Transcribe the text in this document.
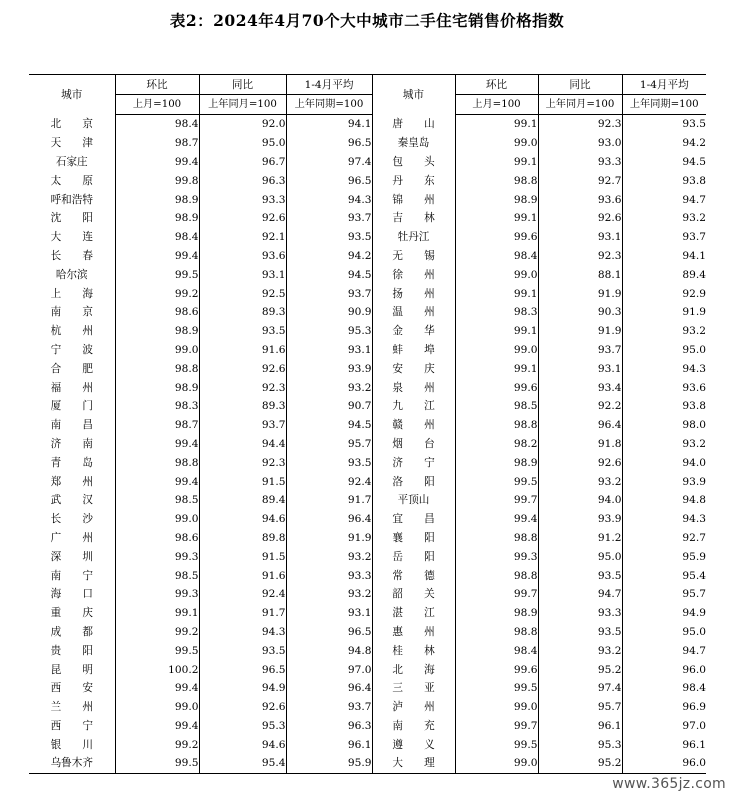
表2：2024年4月70个大中城市二手住宅销售价格指数
城市	环比	同比	1-4月平均	城市	环比	同比	1-4月平均
	上月=100	上年同月=100	上年同期=100		上月=100	上年同月=100	上年同期=100
北　　京	98.4	92.0	94.1	唐　　山	99.1	92.3	93.5
天　　津	98.7	95.0	96.5	秦皇岛	99.0	93.0	94.2
石家庄	99.4	96.7	97.4	包　　头	99.1	93.3	94.5
太　　原	99.8	96.3	96.5	丹　　东	98.8	92.7	93.8
呼和浩特	98.9	93.3	94.3	锦　　州	98.9	93.6	94.7
沈　　阳	98.9	92.6	93.7	吉　　林	99.1	92.6	93.2
大　　连	98.4	92.1	93.5	牡丹江	99.6	93.1	93.7
长　　春	99.4	93.6	94.2	无　　锡	98.4	92.3	94.1
哈尔滨	99.5	93.1	94.5	徐　　州	99.0	88.1	89.4
上　　海	99.2	92.5	93.7	扬　　州	99.1	91.9	92.9
南　　京	98.6	89.3	90.9	温　　州	98.3	90.3	91.9
杭　　州	98.9	93.5	95.3	金　　华	99.1	91.9	93.2
宁　　波	99.0	91.6	93.1	蚌　　埠	99.0	93.7	95.0
合　　肥	98.8	92.6	93.9	安　　庆	99.1	93.1	94.3
福　　州	98.9	92.3	93.2	泉　　州	99.6	93.4	93.6
厦　　门	98.3	89.3	90.7	九　　江	98.5	92.2	93.8
南　　昌	98.7	93.7	94.5	赣　　州	98.8	96.4	98.0
济　　南	99.4	94.4	95.7	烟　　台	98.2	91.8	93.2
青　　岛	98.8	92.3	93.5	济　　宁	98.9	92.6	94.0
郑　　州	99.4	91.5	92.4	洛　　阳	99.5	93.2	93.9
武　　汉	98.5	89.4	91.7	平顶山	99.7	94.0	94.8
长　　沙	99.0	94.6	96.4	宜　　昌	99.4	93.9	94.3
广　　州	98.6	89.8	91.9	襄　　阳	98.8	91.2	92.7
深　　圳	99.3	91.5	93.2	岳　　阳	99.3	95.0	95.9
南　　宁	98.5	91.6	93.3	常　　德	98.8	93.5	95.4
海　　口	99.3	92.4	93.2	韶　　关	99.7	94.7	95.7
重　　庆	99.1	91.7	93.1	湛　　江	98.9	93.3	94.9
成　　都	99.2	94.3	96.5	惠　　州	98.8	93.5	95.0
贵　　阳	99.5	93.5	94.8	桂　　林	98.4	93.2	94.7
昆　　明	100.2	96.5	97.0	北　　海	99.6	95.2	96.0
西　　安	99.4	94.9	96.4	三　　亚	99.5	97.4	98.4
兰　　州	99.0	92.6	93.7	泸　　州	99.0	95.7	96.9
西　　宁	99.4	95.3	96.3	南　　充	99.7	96.1	97.0
银　　川	99.2	94.6	96.1	遵　　义	99.5	95.3	96.1
乌鲁木齐	99.5	95.4	95.9	大　　理	99.0	95.2	96.0
www.365jz.com
